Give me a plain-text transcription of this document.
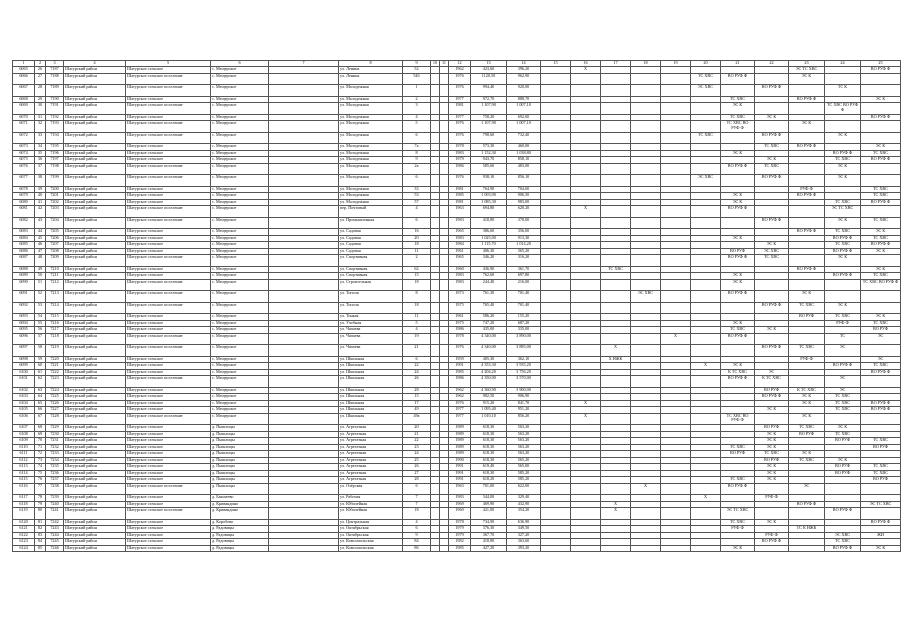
1	2	3	4	5	6	7	8	9	10	11	12	13	14	15	16	17	18	19	20	21	22	23	24	25
6065	26	7187	Шатурский район	Шатурское сельское	с. Мещерское		ул. Ленина	52			1962	423,60	396,20		Х							ЭС ТС ХВС		ВО РУФ Ф
6066	27	7188	Шатурский район	Шатурское сельское поселение	с. Мещерское		ул. Ленина	54б			1976	1120,50	962,90						ТС ХВС	ВО РУФ Ф		ЭС К		
6067	28	7189	Шатурский район	Шатурское сельское поселение	с. Мещерское		ул. Молодежная	1			1976	994,40	920,00						ЭС ХВС		ВО РУФ Ф		ТС К	
6068	29	7190	Шатурский район	Шатурское сельское	с. Мещерское		ул. Молодежная	2			1977	972,70	888,70							ТС ХВС		ВО РУФ Ф		ЭС К
6069	30	7191	Шатурский район	Шатурское сельское поселение	с. Мещерское		ул. Молодежная	3			1981	1 107,90	1 007,10							ЭС К			ТС ХВС ВО РУФ Ф	
6070	31	7192	Шатурский район	Шатурское сельское	с. Мещерское		ул. Молодежная	4			1977	758,20	692,00							ТС ХВС	ЭС К			ВО РУФ Ф
6071	32	7193	Шатурский район	Шатурское сельское поселение	с. Мещерское		ул. Молодежная	5			1976	1 107,90	1 007,10							ТС ХВС ВО РУФ Ф		ЭС К		
6072	33	7194	Шатурский район	Шатурское сельское поселение	с. Мещерское		ул. Молодежная	6			1976	798,60	732,40						ТС ХВС		ВО РУФ Ф		ЭС К	
6073	34	7195	Шатурский район	Шатурское сельское	с. Мещерское		ул. Молодежная	7а			1978	573,30	460,00								ТС ХВС	ВО РУФ Ф		ЭС К
6074	35	7196	Шатурский район	Шатурское сельское	с. Мещерское		ул. Молодежная	8			1983	1 152,30	1 038,80							ЭС К			ВО РУФ Ф	ТС ХВС
6075	36	7197	Шатурский район	Шатурское сельское	с. Мещерское		ул. Молодежная	9			1979	943,70	858,10								ЭС К		ТС ХВС	ВО РУФ Ф
6076	37	7198	Шатурский район	Шатурское сельское поселение	с. Мещерское		ул. Молодежная	2а			1986	585,60	483,00							ВО РУФ Ф	ТС ХВС		ЭС К	
6077	38	7199	Шатурский район	Шатурское сельское поселение	с. Мещерское		ул. Молодежная	6			1976	938,10	856,10						ЭС ХВС		ВО РУФ Ф		ЭС К	
6078	39	7200	Шатурский район	Шатурское сельское	с. Мещерское		ул. Молодежная	33			1981	764,90	704,60									РУФ Ф		ТС ХВС
6079	40	7201	Шатурский район	Шатурское сельское	с. Мещерское		ул. Молодежная	53			1985	1 003,90	906,50							ЭС К		ВО РУФ Ф		ТС ХВС
6080	41	7202	Шатурский район	Шатурское сельское	с. Мещерское		ул. Молодежная	57			1981	1 085,30	983,00							ЭС К			ТС ХВС	ВО РУФ Ф
6081	42	7203	Шатурский район	Шатурское сельское поселение	с. Мещерское		пер. Почтовый	4			1963	694,80	620,20		Х					ВО РУФ Ф			ЭС ТС ХВС	
6082	43	7204	Шатурский район	Шатурское сельское поселение	с. Мещерское		ул. Промышленная	6			1983	418,80	378,00								ВО РУФ Ф		ЭС К	ТС ХВС
6083	44	7205	Шатурский район	Шатурское сельское	с. Мещерское		ул. Садовая	16			1965	386,60	356,00									ВО РУФ Ф	ТС ХВС	ЭС К
6084	45	7206	Шатурский район	Шатурское сельское	с. Мещерское		ул. Садовая	20			1983	1 025,00	913,30							ЭС К			ВО РУФ Ф	ТС ХВС
6085	46	7207	Шатурский район	Шатурское сельское	с. Мещерское		ул. Садовая	18			1984	1 115,70	1 014,20								ЭС К		ТС ХВС	ВО РУФ Ф
6086	47	7208	Шатурский район	Шатурское сельское	с. Мещерское		ул. Садовая	11			1961	406,30	365,20							ВО РУФ	ЭС ХВС		ВО РУФ Ф	ЭС К
6087	48	7209	Шатурский район	Шатурское сельское поселение	с. Мещерское		ул. Спортивная	2			1965	346,20	316,20							ВО РУФ Ф	ТС ХВС		ЭС К	
6088	49	7210	Шатурский район	Шатурское сельское	с. Мещерское		ул. Спортивная	62			1960	436,90	361,70			ТС ХВС						ВО РУФ Ф		ЭС К
6089	50	7211	Шатурский район	Шатурское сельское	с. Мещерское		ул. Спортивная	15			1983	762,60	697,80							ЭС К			ВО РУФ Ф	ТС ХВС
6090	51	7212	Шатурский район	Шатурское сельское поселение	с. Мещерское		ул. Строительная	18			1983	244,40	216,00							ЭС К				ТС ХВС ВО РУФ Ф
6091	52	7213	Шатурский район	Шатурское сельское поселение	с. Мещерское		ул. Тополя	8			1973	761,30	701,40				ЭС ХВС			ВО РУФ Ф		ЭС К		
6092	53	7214	Шатурский район	Шатурское сельское поселение	с. Мещерское		ул. Тополя	18			1975	765,40	701,40								ВО РУФ Ф	ТС ХВС	ЭС К	
6093	54	7215	Шатурский район	Шатурское сельское	с. Мещерское		ул. Тонкая	11			1961	586,20	155,20									ВО РУФ	ТС ХВС	ЭС К
6094	55	7216	Шатурский район	Шатурское сельское	с. Мещерское		ул. Учебная	5			1975	747,20	687,20							ЭС К			РУФ Ф	ТС ХВС
6095	56	7217	Шатурский район	Шатурское сельское	с. Мещерское		ул. Чапаева	4			1986	435,00	335,00							ТС ХВС	ЭС К			ВО РУФ
6096	57	7218	Шатурский район	Шатурское сельское поселение	с. Мещерское		ул. Чапаева	19			1978	4 340,00	3 890,00					Х		ВО РУФ Ф			ТС	ЭС
6097	58	7219	Шатурский район	Шатурское сельское поселение	с. Мещерское		ул. Чапаева	21			1976	4 340,00	3 885,00			Х					ВО РУФ Ф	ТС ХВС	ЭС	
6098	59	7220	Шатурский район	Шатурское сельское	с. Мещерское		ул. Школьная	6			1959	405,30	362,10			Х НЖК						РУФ Ф		ЭС
6099	60	7221	Шатурский район	Шатурское сельское	с. Мещерское		ул. Школьная	22			1991	4 353,30	3 935,20						Х	ЭС К			ВО РУФ Ф	ТС ХВС
6100	61	7222	Шатурский район	Шатурское сельское	с. Мещерское		ул. Школьная	24			1985	4 204,20	3 756,20							К ТС ХВС	ЭС			ВО РУФ Ф
6101	62	7223	Шатурский район	Шатурское сельское поселение	с. Мещерское		ул. Школьная	26			1986	4 350,00	3 570,00							ВО РУФ Ф	К ТС ХВС		ЭС	
6102	63	7224	Шатурский район	Шатурское сельское	с. Мещерское		ул. Школьная	28			1962	4 360,90	3 900,00								ВО РУФ	К ТС ХВС	ЭС	
6103	64	7225	Шатурский район	Шатурское сельское	с. Мещерское		ул. Школьная	15			1962	982,50	906,90								ВО РУФ Ф	ЭС К	ТС ХВС	
6104	65	7226	Шатурский район	Шатурское сельское	с. Мещерское		ул. Школьная	17			1976	915,20	841,70		Х							ЭС К	ТС ХВС	ВО РУФ Ф
6105	66	7227	Шатурский район	Шатурское сельское	с. Мещерское		ул. Школьная	49			1977	1 095,40	951,20								ЭС К		ТС ХВС	ВО РУФ Ф
6106	67	7228	Шатурский район	Шатурское сельское поселение	с. Мещерское		ул. Школьная	49а			1977	1 010,10	856,20		Х					ТС ХВС ВО РУФ Ф		ЭС К		
6107	68	7229	Шатурский район	Шатурское сельское	д. Пышлицы		ул. Агрегатная	20			1989	618,30	563,20								ВО РУФ	ТС ХВС	ЭС К	
6108	69	7230	Шатурский район	Шатурское сельское	д. Пышлицы		ул. Агрегатная	21			1989	618,30	563,20								ЭС К	ВО РУФ	ТС ХВС	
6109	70	7231	Шатурский район	Шатурское сельское	д. Пышлицы		ул. Агрегатная	22			1989	618,30	563,20								ЭС К		ВО РУФ	ТС ХВС
6110	71	7232	Шатурский район	Шатурское сельское	д. Пышлицы		ул. Агрегатная	23			1989	618,30	563,20							ТС ХВС	ЭС К			ВО РУФ
6111	72	7233	Шатурский район	Шатурское сельское	д. Пышлицы		ул. Агрегатная	24			1989	618,30	563,20							ВО РУФ	ТС ХВС	ЭС К		
6112	73	7234	Шатурский район	Шатурское сельское	д. Пышлицы		ул. Агрегатная	25			1990	618,30	565,20								ВО РУФ	ТС ХВС	ЭС К	
6113	74	7235	Шатурский район	Шатурское сельское	д. Пышлицы		ул. Агрегатная	26			1991	619,40	565,00								ЭС К		ВО РУФ	ТС ХВС
6114	75	7236	Шатурский район	Шатурское сельское	д. Пышлицы		ул. Агрегатная	27			1991	618,30	585,20								ЭС К		ВО РУФ	ТС ХВС
6115	76	7237	Шатурский район	Шатурское сельское	д. Пышлицы		ул. Агрегатная	28			1991	618,20	585,20							ТС ХВС	ЭС К			ВО РУФ
6116	77	7238	Шатурский район	Шатурское сельское поселение	д. Пышлицы		ул. Озёрская	6			1963	701,00	622,00				Х			ВО РУФ Ф		ЭС		
6117	78	7239	Шатурский район	Шатурское сельское	д. Бакшеево		ул. Рабочая	7			1983	344,00	329,40						Х		РУФ Ф			
6118	79	7240	Шатурский район	Шатурское сельское	д. Кривандино		ул. Юбилейная	7			1969	469,90	432,90			Х						ВО РУФ Ф		ЭС ТС ХВС
6119	80	7241	Шатурский район	Шатурское сельское поселение	д. Кривандино		ул. Юбилейная	18			1969	421,00	354,20			Х				ЭС ТС ХВС			ВО РУФ Ф	
6120	81	7242	Шатурский район	Шатурское сельское	д. Коробово		ул. Центральная	4			1978	734,90	636,90							ТС ХВС	ЭС К			ВО РУФ Ф
6121	82	7243	Шатурский район	Шатурское сельское	д. Радовицы		ул. Октябрьская	6			1979	376,30	349,50							РУФ Ф		ТС К НЖК		
6122	83	7244	Шатурский район	Шатурское сельское	д. Радовицы		ул. Октябрьская	9			1979	367,70	327,20								РУФ Ф		ЭС ХВС	ЖИ
6123	84	7245	Шатурский район	Шатурское сельское	д. Радовицы		ул. Комсомольская	84			1982	418,80	363,60								ВО РУФ Ф		ТС ХВС	
6124	85	7246	Шатурский район	Шатурское сельское	д. Радовицы		ул. Комсомольская	86			1985	427,20	393,20							ЭС К			ВО РУФ Ф	ЭС К
